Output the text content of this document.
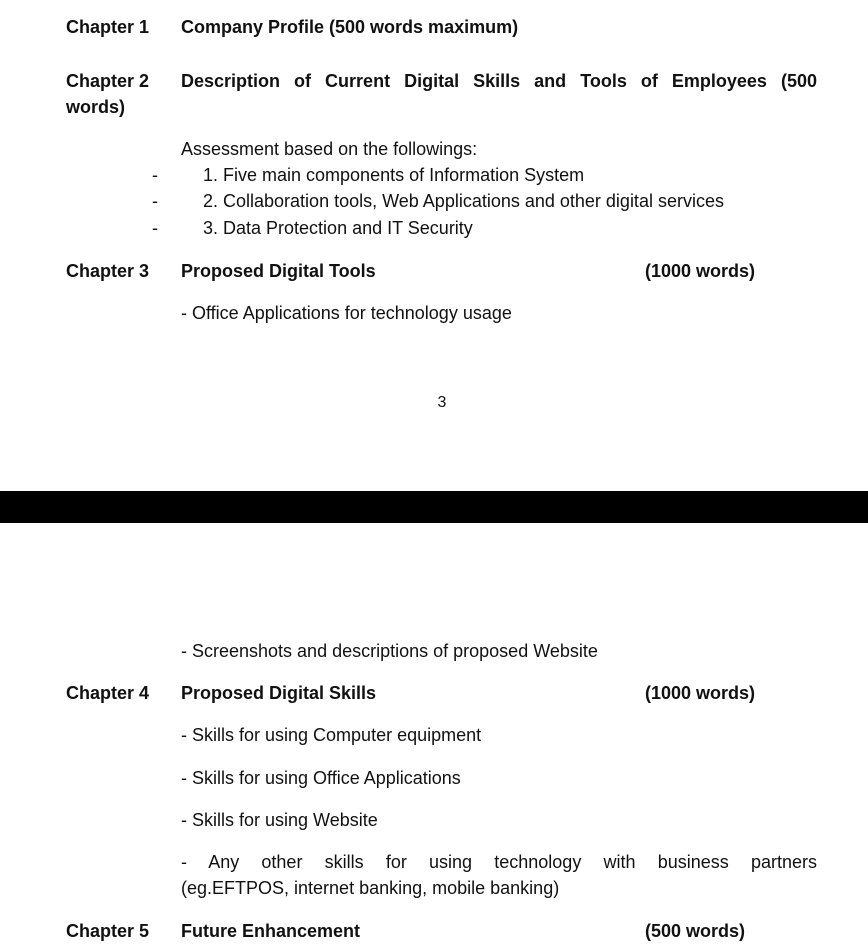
Chapter 1 Company Profile (500 words maximum)
Chapter 2 Description of Current Digital Skills and Tools of Employees (500
words)
Assessment based on the followings:
-	1. Five main components of Information System
-	2. Collaboration tools, Web Applications and other digital services
-	3. Data Protection and IT Security
Chapter 3 Proposed Digital Tools	(1000 words)
- Office Applications for technology usage
3
- Screenshots and descriptions of proposed Website
Chapter 4 Proposed Digital Skills	(1000 words)
- Skills for using Computer equipment
- Skills for using Office Applications
- Skills for using Website
- Any other skills for using technology with business partners
(eg.EFTPOS, internet banking, mobile banking)
Chapter 5 Future Enhancement	(500 words)
